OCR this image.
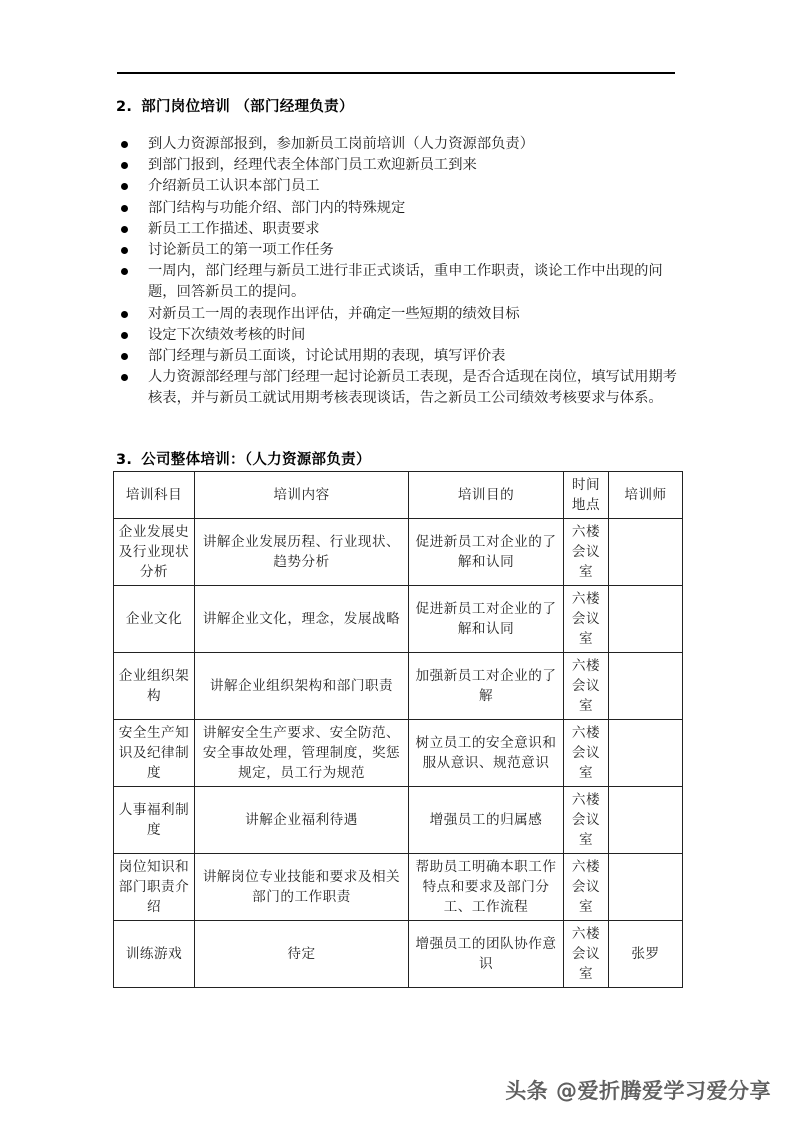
2. 部门岗位培训 （部门经理负责）
到人力资源部报到，参加新员工岗前培训（人力资源部负责）
到部门报到，经理代表全体部门员工欢迎新员工到来
介绍新员工认识本部门员工
部门结构与功能介绍、部门内的特殊规定
新员工工作描述、职责要求
讨论新员工的第一项工作任务
一周内，部门经理与新员工进行非正式谈话，重申工作职责，谈论工作中出现的问题，回答新员工的提问。
对新员工一周的表现作出评估，并确定一些短期的绩效目标
设定下次绩效考核的时间
部门经理与新员工面谈，讨论试用期的表现，填写评价表
人力资源部经理与部门经理一起讨论新员工表现，是否合适现在岗位，填写试用期考核表，并与新员工就试用期考核表现谈话，告之新员工公司绩效考核要求与体系。
3. 公司整体培训：（人力资源部负责）
培训科目	培训内容	培训目的	时间地点	培训师
企业发展史及行业现状分析	讲解企业发展历程、行业现状、趋势分析	促进新员工对企业的了解和认同	六楼会议室	
企业文化	讲解企业文化，理念，发展战略	促进新员工对企业的了解和认同	六楼会议室	
企业组织架构	讲解企业组织架构和部门职责	加强新员工对企业的了解	六楼会议室	
安全生产知识及纪律制度	讲解安全生产要求、安全防范、安全事故处理，管理制度，奖惩规定，员工行为规范	树立员工的安全意识和服从意识、规范意识	六楼会议室	
人事福利制度	讲解企业福利待遇	增强员工的归属感	六楼会议室	
岗位知识和部门职责介绍	讲解岗位专业技能和要求及相关部门的工作职责	帮助员工明确本职工作特点和要求及部门分工、工作流程	六楼会议室	
训练游戏	待定	增强员工的团队协作意识	六楼会议室	张罗
头条 @爱折腾爱学习爱分享
